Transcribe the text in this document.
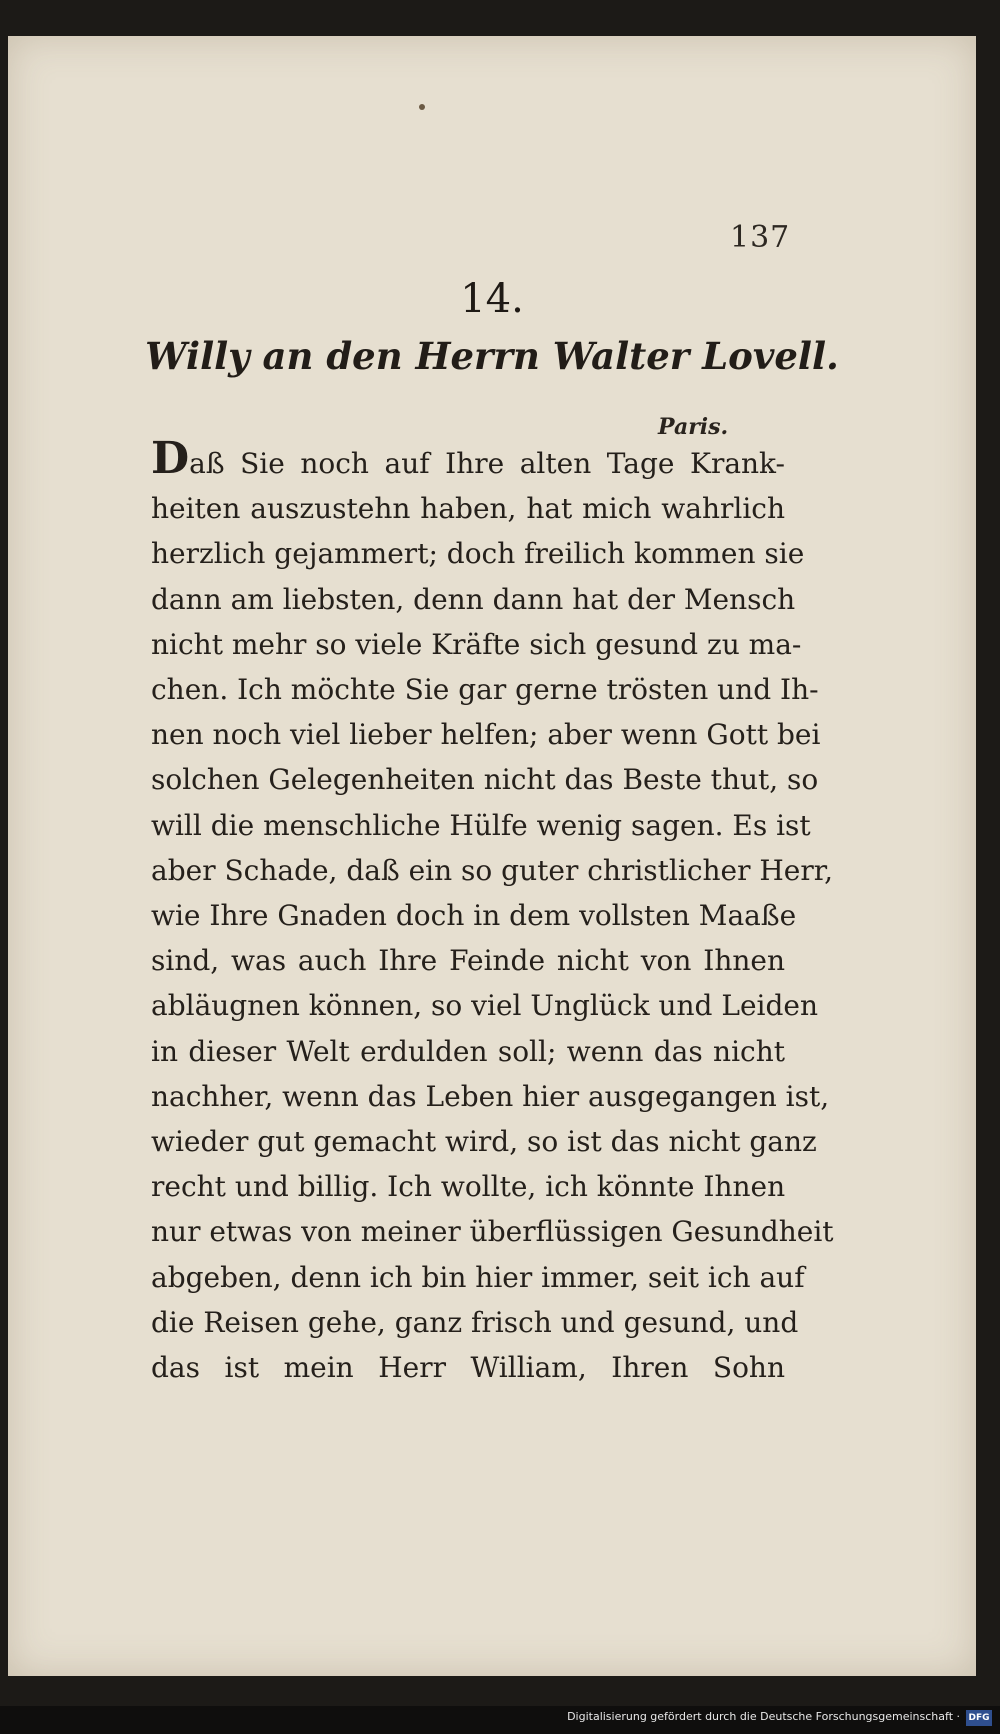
137
14.
Willy an den Herrn Walter Lovell.
Paris.
Daß Sie noch auf Ihre alten Tage Krank-
heiten auszustehn haben, hat mich wahrlich
herzlich gejammert; doch freilich kommen sie
dann am liebsten, denn dann hat der Mensch
nicht mehr so viele Kräfte sich gesund zu ma-
chen. Ich möchte Sie gar gerne trösten und Ih-
nen noch viel lieber helfen; aber wenn Gott bei
solchen Gelegenheiten nicht das Beste thut, so
will die menschliche Hülfe wenig sagen. Es ist
aber Schade, daß ein so guter christlicher Herr,
wie Ihre Gnaden doch in dem vollsten Maaße
sind, was auch Ihre Feinde nicht von Ihnen
abläugnen können, so viel Unglück und Leiden
in dieser Welt erdulden soll; wenn das nicht
nachher, wenn das Leben hier ausgegangen ist,
wieder gut gemacht wird, so ist das nicht ganz
recht und billig. Ich wollte, ich könnte Ihnen
nur etwas von meiner überflüssigen Gesundheit
abgeben, denn ich bin hier immer, seit ich auf
die Reisen gehe, ganz frisch und gesund, und
das ist mein Herr William, Ihren Sohn
Digitalisierung gefördert durch die Deutsche Forschungsgemeinschaft · DFG
